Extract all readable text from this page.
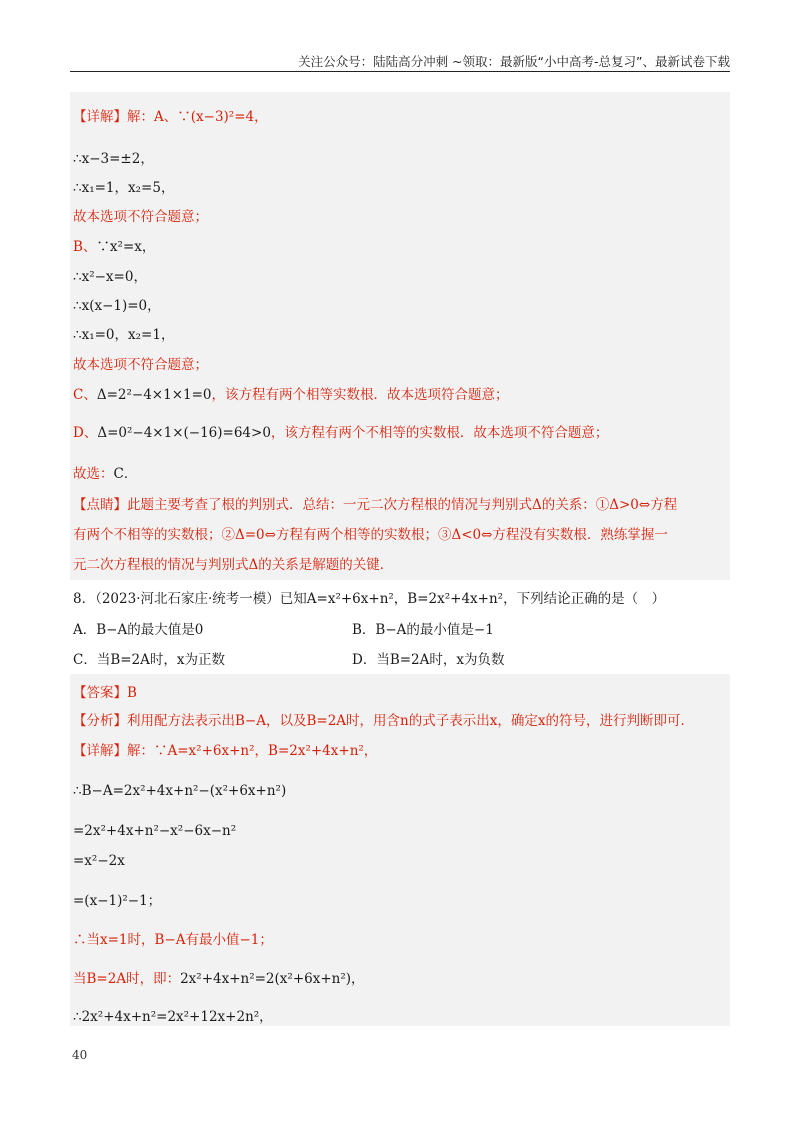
关注公众号：陆陆高分冲刺 ~领取：最新版“小中高考-总复习”、最新试卷下载
【详解】解：A、∵(x−3)²=4，
∴x−3=±2，
∴x₁=1，x₂=5，
故本选项不符合题意；
B、∵x²=x，
∴x²−x=0，
∴x(x−1)=0，
∴x₁=0，x₂=1，
故本选项不符合题意；
C、Δ=2²−4×1×1=0，该方程有两个相等实数根．故本选项符合题意；
D、Δ=0²−4×1×(−16)=64>0，该方程有两个不相等的实数根．故本选项不符合题意；
故选：C．
【点睛】此题主要考查了根的判别式．总结：一元二次方程根的情况与判别式Δ的关系：①Δ>0⇔方程
有两个不相等的实数根；②Δ=0⇔方程有两个相等的实数根；③Δ<0⇔方程没有实数根．熟练掌握一
元二次方程根的情况与判别式Δ的关系是解题的关键．
8．（2023·河北石家庄·统考一模）已知A=x²+6x+n²，B=2x²+4x+n²，下列结论正确的是（　）
A．B−A的最大值是0	B．B−A的最小值是−1
C．当B=2A时，x为正数	D．当B=2A时，x为负数
【答案】B
【分析】利用配方法表示出B−A，以及B=2A时，用含n的式子表示出x，确定x的符号，进行判断即可．
【详解】解：∵A=x²+6x+n²，B=2x²+4x+n²，
∴B−A=2x²+4x+n²−(x²+6x+n²)
=2x²+4x+n²−x²−6x−n²
=x²−2x
=(x−1)²−1；
∴当x=1时，B−A有最小值−1；
当B=2A时，即：2x²+4x+n²=2(x²+6x+n²)，
∴2x²+4x+n²=2x²+12x+2n²，
40
